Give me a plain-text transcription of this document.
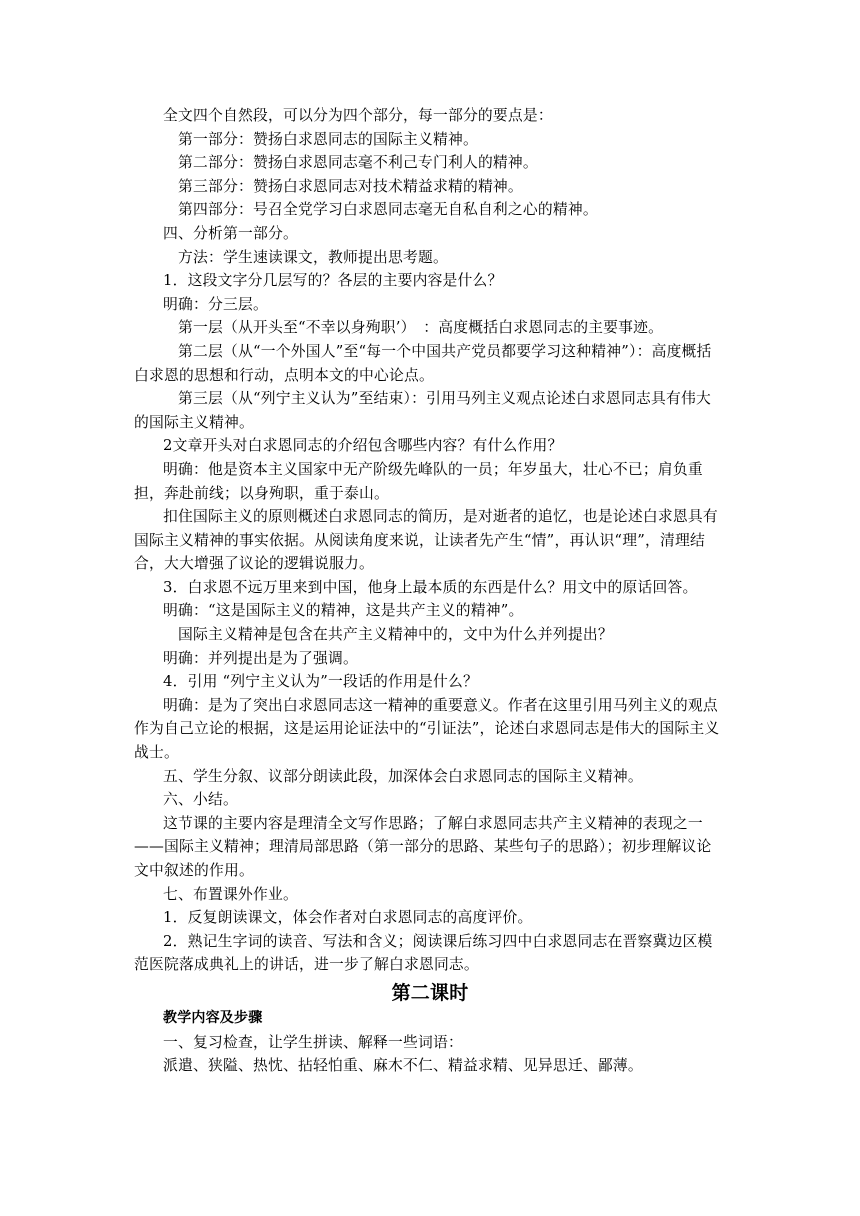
全文四个自然段，可以分为四个部分，每一部分的要点是：

第一部分：赞扬白求恩同志的国际主义精神。

第二部分：赞扬白求恩同志毫不利己专门利人的精神。

第三部分：赞扬白求恩同志对技术精益求精的精神。

第四部分：号召全党学习白求恩同志毫无自私自利之心的精神。

四、分析第一部分。

方法：学生速读课文，教师提出思考题。

1．这段文字分几层写的？各层的主要内容是什么？

明确：分三层。

第一层（从开头至“不幸以身殉职’）　：高度概括白求恩同志的主要事迹。

第二层（从“一个外国人”至“每一个中国共产党员都要学习这种精神”）：高度概括白求恩的思想和行动，点明本文的中心论点。

第三层（从“列宁主义认为”至结束）：引用马列主义观点论述白求恩同志具有伟大的国际主义精神。

2文章开头对白求恩同志的介绍包含哪些内容？有什么作用？

明确：他是资本主义国家中无产阶级先峰队的一员；年岁虽大，壮心不已；肩负重担，奔赴前线；以身殉职，重于泰山。

扣住国际主义的原则概述白求恩同志的简历，是对逝者的追忆，也是论述白求恩具有国际主义精神的事实依据。从阅读角度来说，让读者先产生“情”，再认识“理”，清理结合，大大增强了议论的逻辑说服力。

3．白求恩不远万里来到中国，他身上最本质的东西是什么？用文中的原话回答。

明确：“这是国际主义的精神，这是共产主义的精神”。

国际主义精神是包含在共产主义精神中的，文中为什么并列提出？

明确：并列提出是为了强调。

4．引用 “列宁主义认为”一段话的作用是什么？

明确：是为了突出白求恩同志这一精神的重要意义。作者在这里引用马列主义的观点作为自己立论的根据，这是运用论证法中的“引证法”，论述白求恩同志是伟大的国际主义战士。

五、学生分叙、议部分朗读此段，加深体会白求恩同志的国际主义精神。

六、小结。

这节课的主要内容是理清全文写作思路；了解白求恩同志共产主义精神的表现之一——国际主义精神；理清局部思路（第一部分的思路、某些句子的思路）；初步理解议论文中叙述的作用。

七、布置课外作业。

1．反复朗读课文，体会作者对白求恩同志的高度评价。

2．熟记生字词的读音、写法和含义；阅读课后练习四中白求恩同志在晋察冀边区模范医院落成典礼上的讲话，进一步了解白求恩同志。

第二课时
教学内容及步骤

一、复习检查，让学生拼读、解释一些词语：

派遣、狭隘、热忱、拈轻怕重、麻木不仁、精益求精、见异思迁、鄙薄。
